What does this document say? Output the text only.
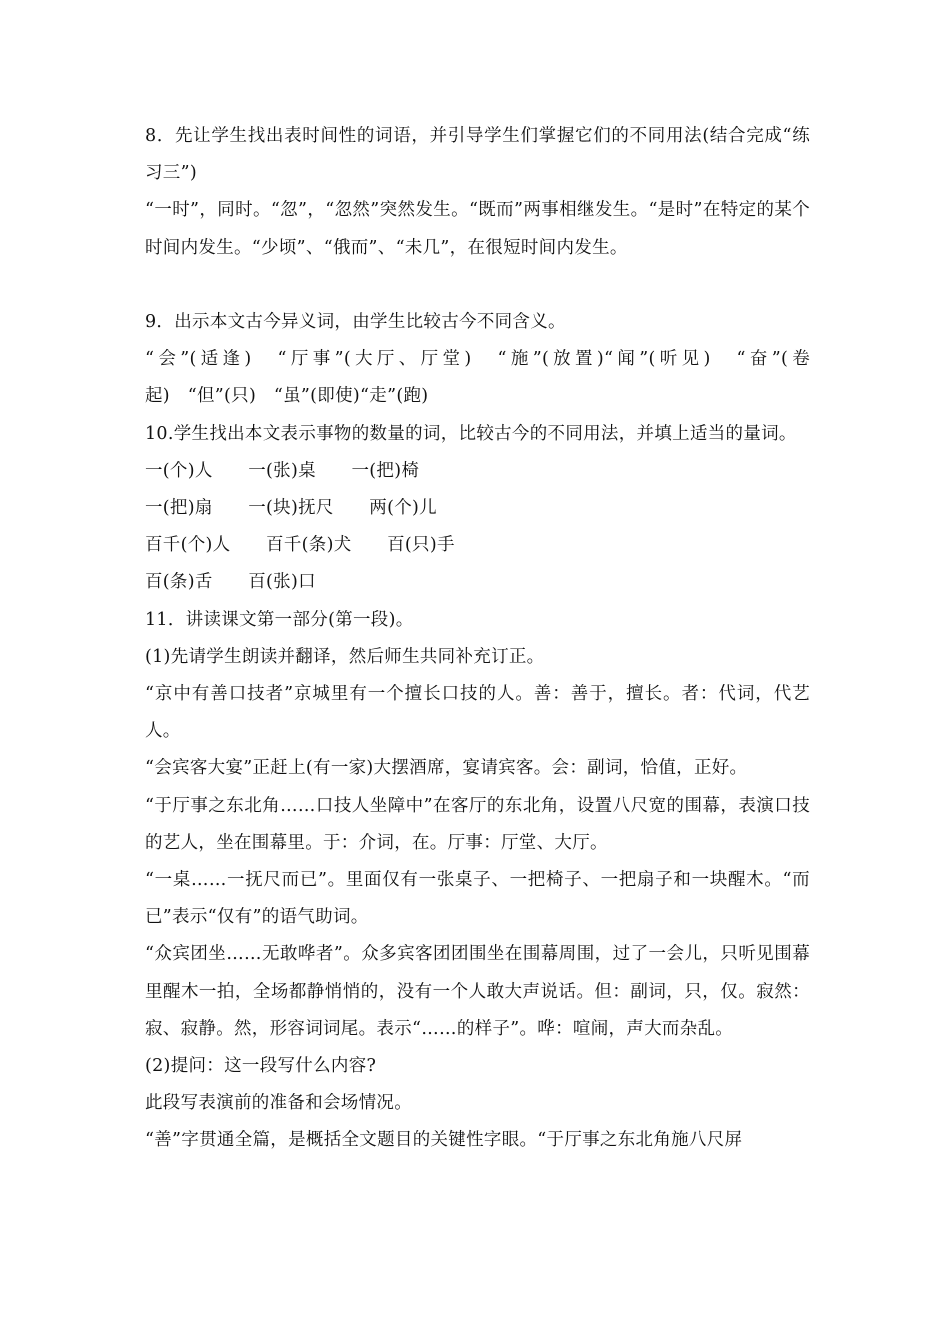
8．先让学生找出表时间性的词语，并引导学生们掌握它们的不同用法(结合完成“练习三”)

“一时”，同时。“忽”，“忽然”突然发生。“既而”两事相继发生。“是时”在特定的某个时间内发生。“少顷”、“俄而”、“未几”，在很短时间内发生。

9．出示本文古今异义词，由学生比较古今不同含义。

“会”(适逢)　“厅事”(大厅、厅堂)　“施”(放置)“闻”(听见)　“奋”(卷起)　“但”(只)　“虽”(即使)“走”(跑)

10.学生找出本文表示事物的数量的词，比较古今的不同用法，并填上适当的量词。

一(个)人　　一(张)桌　　一(把)椅

一(把)扇　　一(块)抚尺　　两(个)儿

百千(个)人　　百千(条)犬　　百(只)手

百(条)舌　　百(张)口

11．讲读课文第一部分(第一段)。

(1)先请学生朗读并翻译，然后师生共同补充订正。

“京中有善口技者”京城里有一个擅长口技的人。善：善于，擅长。者：代词，代艺人。

“会宾客大宴”正赶上(有一家)大摆酒席，宴请宾客。会：副词，恰值，正好。

“于厅事之东北角……口技人坐障中”在客厅的东北角，设置八尺宽的围幕，表演口技的艺人，坐在围幕里。于：介词，在。厅事：厅堂、大厅。

“一桌……一抚尺而已”。里面仅有一张桌子、一把椅子、一把扇子和一块醒木。“而已”表示“仅有”的语气助词。

“众宾团坐……无敢哗者”。众多宾客团团围坐在围幕周围，过了一会儿，只听见围幕里醒木一拍，全场都静悄悄的，没有一个人敢大声说话。但：副词，只，仅。寂然：寂、寂静。然，形容词词尾。表示“……的样子”。哗：喧闹，声大而杂乱。

(2)提问：这一段写什么内容?

此段写表演前的准备和会场情况。

“善”字贯通全篇，是概括全文题目的关键性字眼。“于厅事之东北角施八尺屏
